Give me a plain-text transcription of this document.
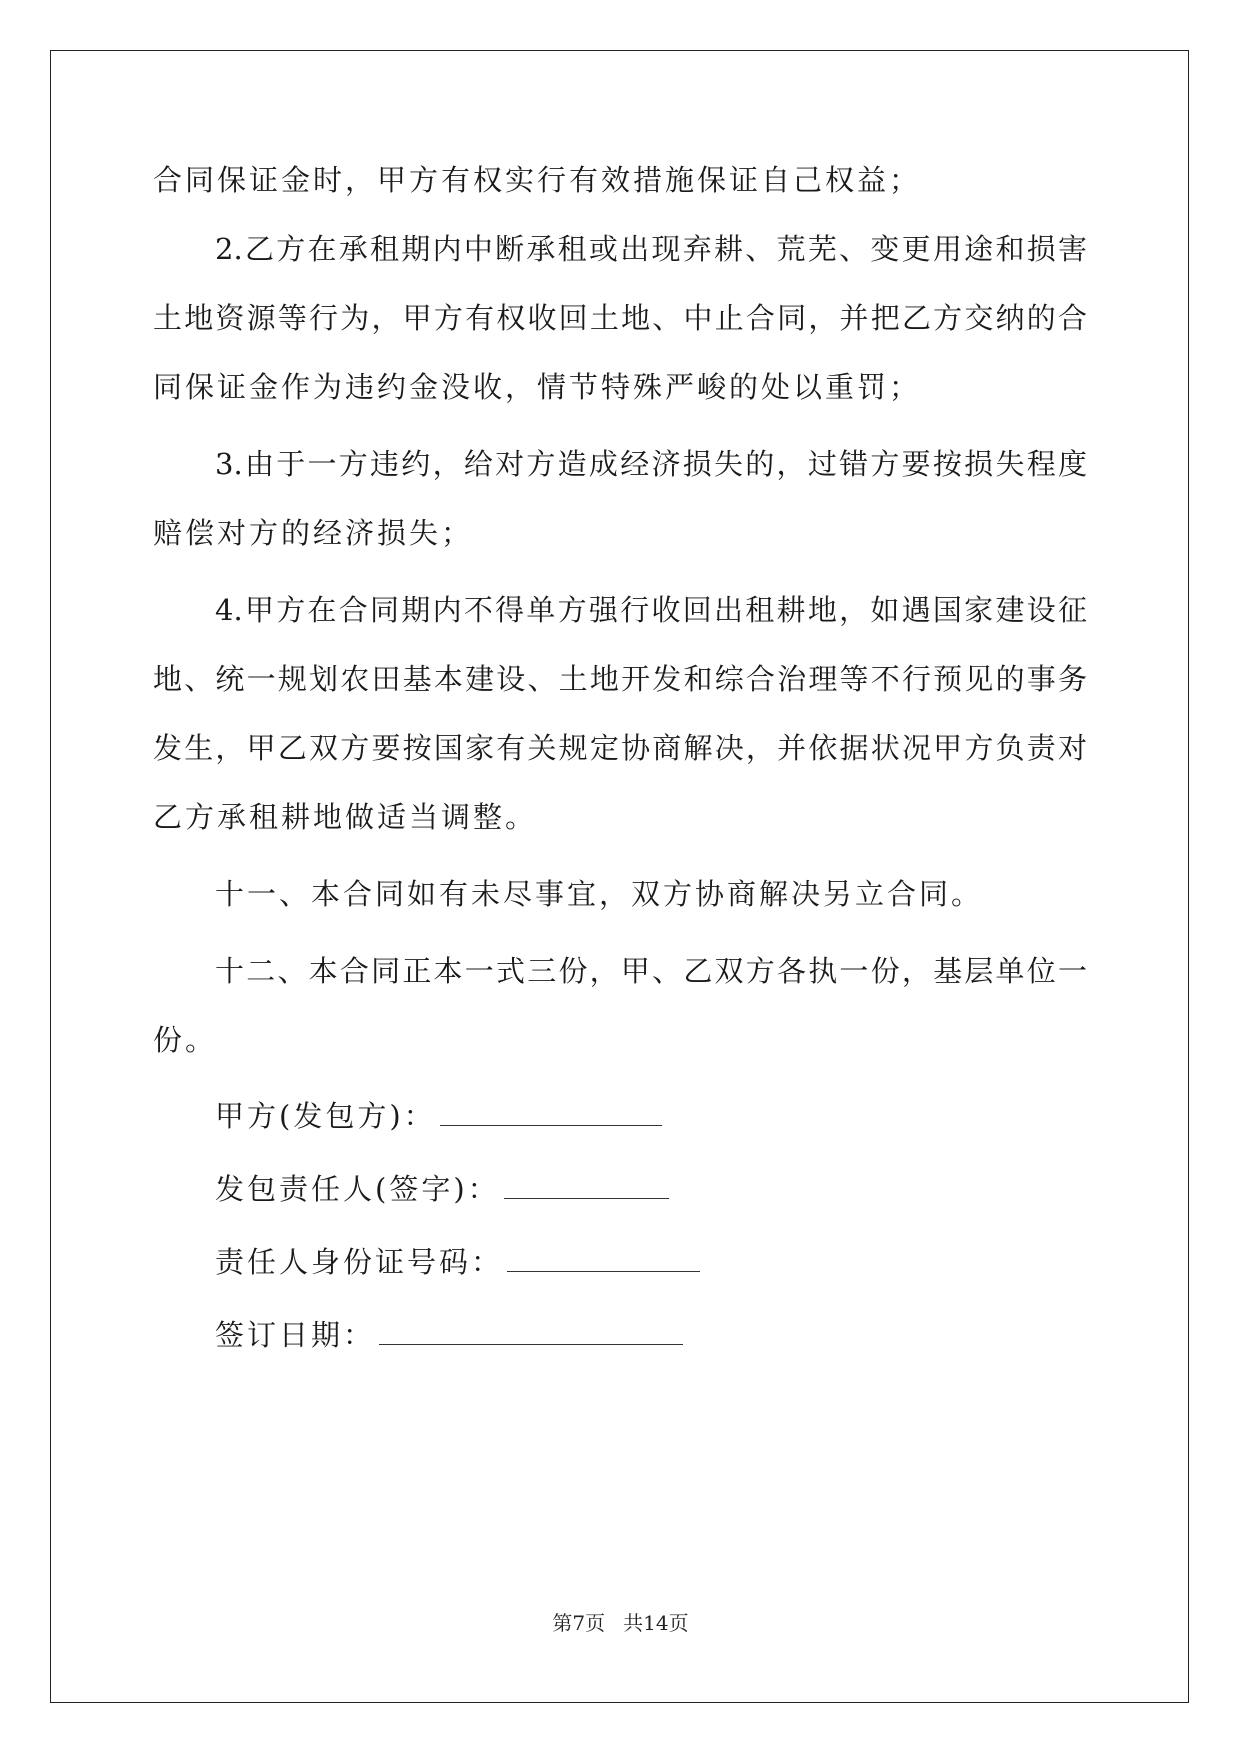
合同保证金时，甲方有权实行有效措施保证自己权益；
2.乙方在承租期内中断承租或出现弃耕、荒芜、变更用途和损害
土地资源等行为，甲方有权收回土地、中止合同，并把乙方交纳的合
同保证金作为违约金没收，情节特殊严峻的处以重罚；
3.由于一方违约，给对方造成经济损失的，过错方要按损失程度
赔偿对方的经济损失；
4.甲方在合同期内不得单方强行收回出租耕地，如遇国家建设征
地、统一规划农田基本建设、土地开发和综合治理等不行预见的事务
发生，甲乙双方要按国家有关规定协商解决，并依据状况甲方负责对
乙方承租耕地做适当调整。
十一、本合同如有未尽事宜，双方协商解决另立合同。
十二、本合同正本一式三份，甲、乙双方各执一份，基层单位一
份。
甲方(发包方)：
发包责任人(签字)：
责任人身份证号码：
签订日期：
第7页 共14页
